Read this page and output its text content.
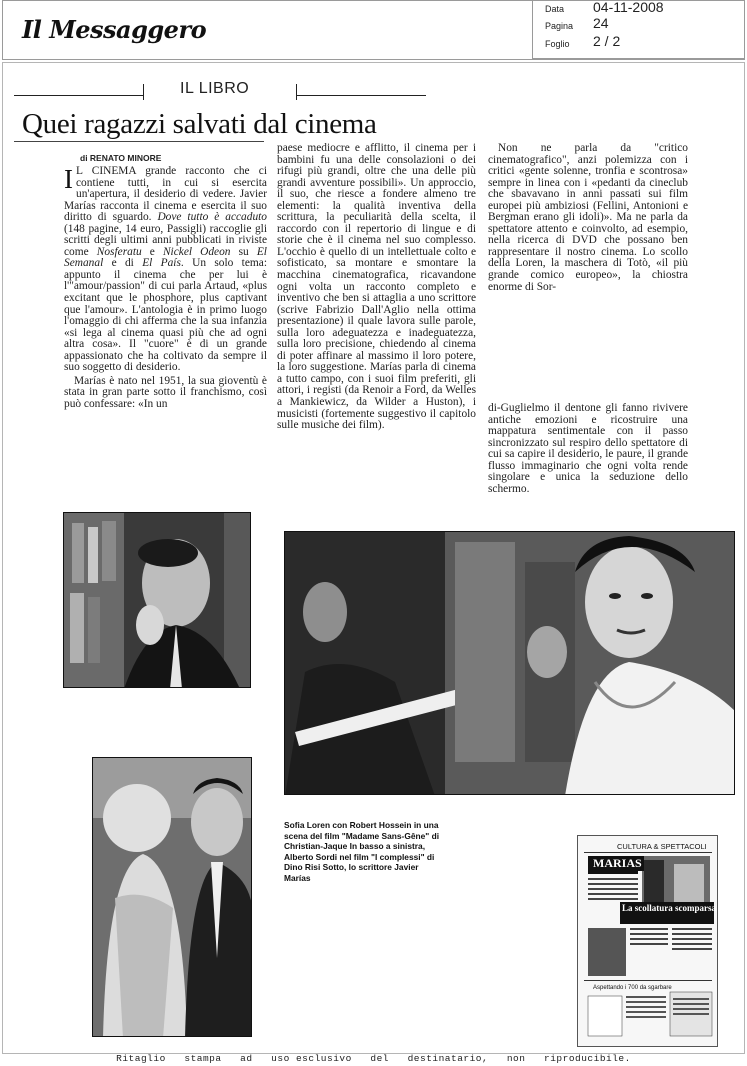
Il Messaggero
Data 04-11-2008
Pagina 24
Foglio 2 / 2
IL LIBRO
Quei ragazzi salvati dal cinema
di RENATO MINORE

I L CINEMA grande racconto che ci contiene tutti, in cui si esercita un'apertura, il desiderio di vedere. Javier Marías racconta il cinema e esercita il suo diritto di sguardo. Dove tutto è accaduto (148 pagine, 14 euro, Passigli) raccoglie gli scritti degli ultimi anni pubblicati in riviste come Nosferatu e Nickel Odeon su El Semanal e di El País. Un solo tema: appunto il cinema che per lui è l'"amour/passion" di cui parla Artaud, «plus excitant que le phosphore, plus captivant que l'amour». L'antologia è in primo luogo l'omaggio di chi afferma che la sua infanzia «si lega al cinema quasi più che ad ogni altra cosa». Il "cuore" è di un grande appassionato che ha coltivato da sempre il suo soggetto di desiderio.

Marías è nato nel 1951, la sua gioventù è stata in gran parte sotto il franchismo, così può confessare: «In un

paese mediocre e afflitto, il cinema per i bambini fu una delle consolazioni o dei rifugi più grandi, oltre che una delle più grandi avventure possibili». Un approccio, il suo, che riesce a fondere almeno tre elementi: la qualità inventiva della scrittura, la peculiarità della scelta, il raccordo con il repertorio di lingue e di storie che è il cinema nel suo complesso. L'occhio è quello di un intellettuale colto e sofisticato, sa montare e smontare la macchina cinematografica, ricavandone ogni volta un racconto completo e inventivo che ben si attaglia a uno scrittore (scrive Fabrizio Dall'Aglio nella ottima presentazione) il quale lavora sulle parole, sulla loro adeguatezza e inadeguatezza, sulla loro precisione, chiedendo al cinema di poter affinare al massimo il loro potere, la loro suggestione. Marías parla di cinema a tutto campo, con i suoi film preferiti, gli attori, i registi (da Renoir a Ford, da Welles a Mankiewicz, da Wilder a Huston), i musicisti (fortemente suggestivo il capitolo sulle musiche dei film).

Non ne parla da "critico cinematografico", anzi polemizza con i critici «gente solenne, tronfia e scontrosa» sempre in linea con i «pedanti da cineclub che sbavavano in anni passati sui film europei più ambiziosi (Fellini, Antonioni e Bergman erano gli idoli)». Ma ne parla da spettatore attento e coinvolto, ad esempio, nella ricerca di DVD che possano ben rappresentare il nostro cinema. Lo scollo della Loren, la maschera di Totò, «il più grande comico europeo», la chiostra enorme di Sor-

di-Guglielmo il dentone gli fanno rivivere antiche emozioni e ricostruire una mappatura sentimentale con il passo sincronizzato sul respiro dello spettatore di cui sa capire il desiderio, le paure, il grande flusso immaginario che ogni volta rende singolare e unica la seduzione dello schermo.

Sofia Loren con Robert Hossein in una scena del film "Madame Sans-Gêne" di Christian-Jaque In basso a sinistra, Alberto Sordi nel film "I complessi" di Dino Risi Sotto, lo scrittore Javier Marías
CULTURA & SPETTACOLI
MARIAS
La scollatura scomparsa
Aspettando i 700 da sgarbare
Ritaglio   stampa   ad   uso esclusivo   del   destinatario,   non   riproducibile.
